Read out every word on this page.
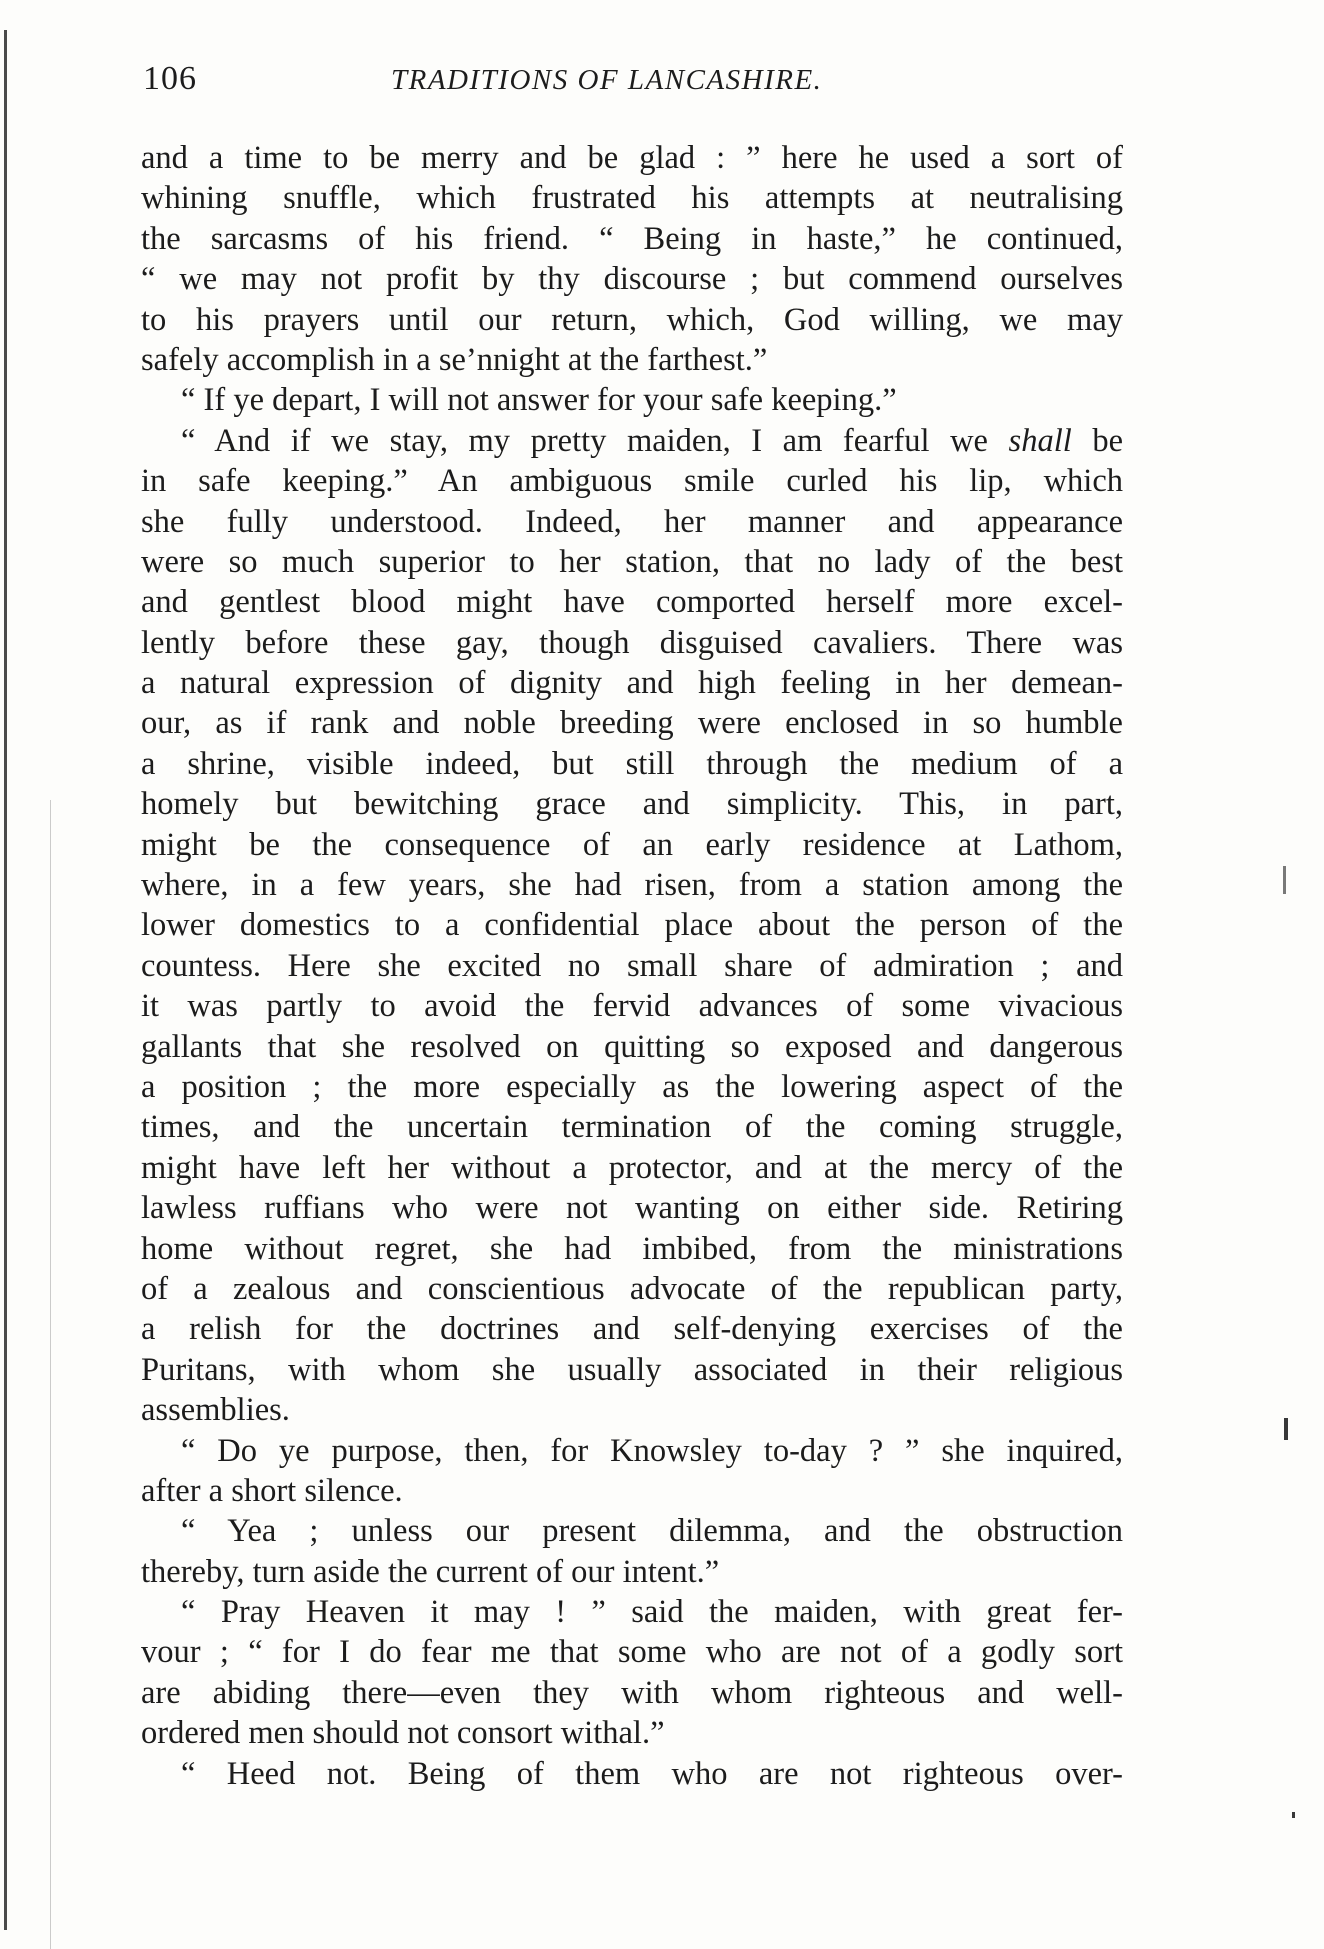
106	TRADITIONS OF LANCASHIRE.
and a time to be merry and be glad : ” here he used a sort of
whining snuffle, which frustrated his attempts at neutralising
the sarcasms of his friend. “ Being in haste,” he continued,
“ we may not profit by thy discourse ; but commend ourselves
to his prayers until our return, which, God willing, we may
safely accomplish in a se’nnight at the farthest.”
“ If ye depart, I will not answer for your safe keeping.”
“ And if we stay, my pretty maiden, I am fearful we shall be
in safe keeping.” An ambiguous smile curled his lip, which
she fully understood. Indeed, her manner and appearance
were so much superior to her station, that no lady of the best
and gentlest blood might have comported herself more excel-
lently before these gay, though disguised cavaliers. There was
a natural expression of dignity and high feeling in her demean-
our, as if rank and noble breeding were enclosed in so humble
a shrine, visible indeed, but still through the medium of a
homely but bewitching grace and simplicity. This, in part,
might be the consequence of an early residence at Lathom,
where, in a few years, she had risen, from a station among the
lower domestics to a confidential place about the person of the
countess. Here she excited no small share of admiration ; and
it was partly to avoid the fervid advances of some vivacious
gallants that she resolved on quitting so exposed and dangerous
a position ; the more especially as the lowering aspect of the
times, and the uncertain termination of the coming struggle,
might have left her without a protector, and at the mercy of the
lawless ruffians who were not wanting on either side. Retiring
home without regret, she had imbibed, from the ministrations
of a zealous and conscientious advocate of the republican party,
a relish for the doctrines and self-denying exercises of the
Puritans, with whom she usually associated in their religious
assemblies.
“ Do ye purpose, then, for Knowsley to-day ? ” she inquired,
after a short silence.
“ Yea ; unless our present dilemma, and the obstruction
thereby, turn aside the current of our intent.”
“ Pray Heaven it may ! ” said the maiden, with great fer-
vour ; “ for I do fear me that some who are not of a godly sort
are abiding there—even they with whom righteous and well-
ordered men should not consort withal.”
“ Heed not. Being of them who are not righteous over-
